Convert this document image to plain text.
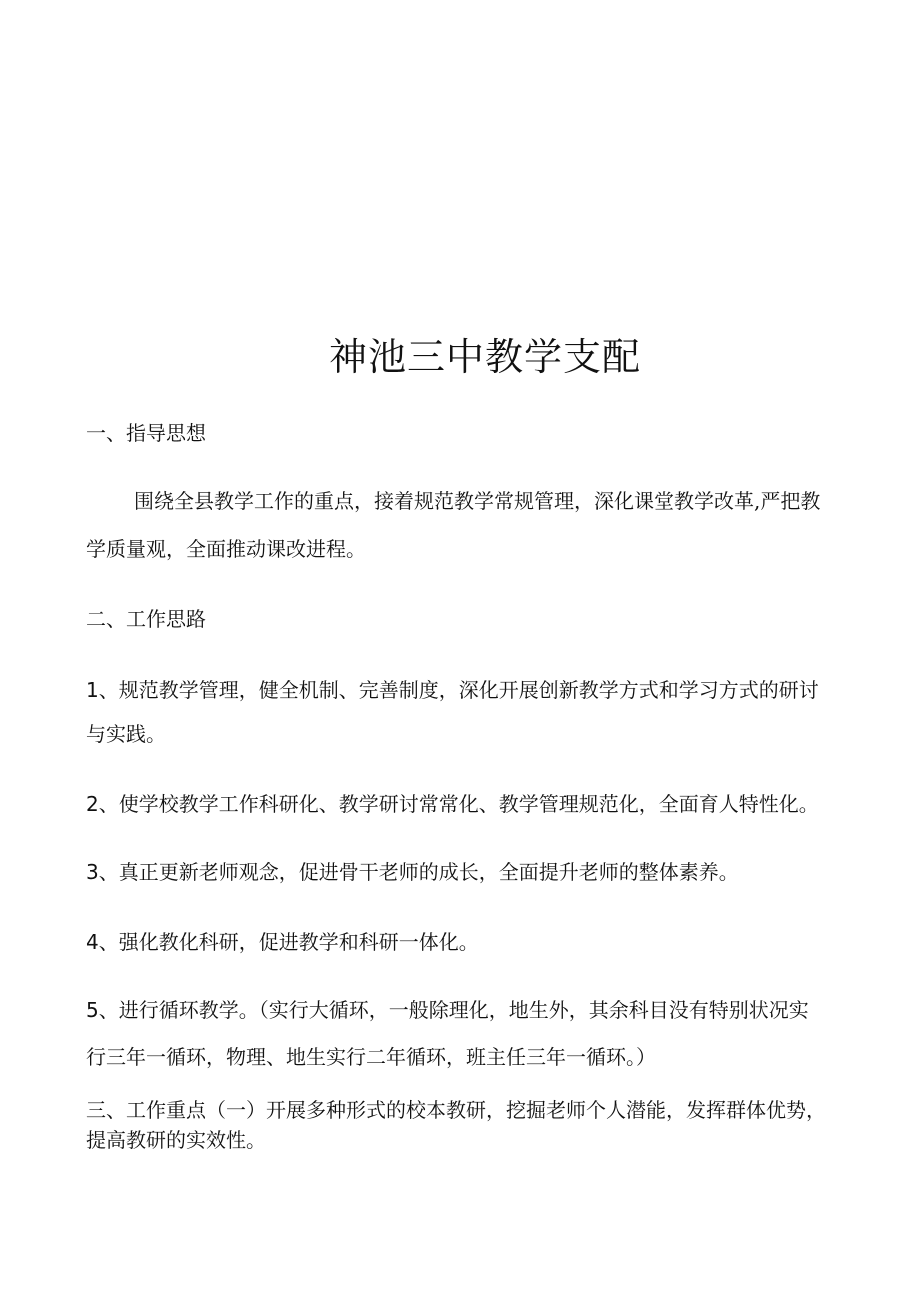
神池三中教学支配
一、指导思想
围绕全县教学工作的重点，接着规范教学常规管理，深化课堂教学改革,严把教
学质量观，全面推动课改进程。
二、工作思路
1、规范教学管理，健全机制、完善制度，深化开展创新教学方式和学习方式的研讨
与实践。
2、使学校教学工作科研化、教学研讨常常化、教学管理规范化，全面育人特性化。
3、真正更新老师观念，促进骨干老师的成长，全面提升老师的整体素养。
4、强化教化科研，促进教学和科研一体化。
5、进行循环教学。（实行大循环，一般除理化，地生外，其余科目没有特别状况实
行三年一循环，物理、地生实行二年循环，班主任三年一循环。）
三、工作重点（一）开展多种形式的校本教研，挖掘老师个人潜能，发挥群体优势，
提高教研的实效性。
